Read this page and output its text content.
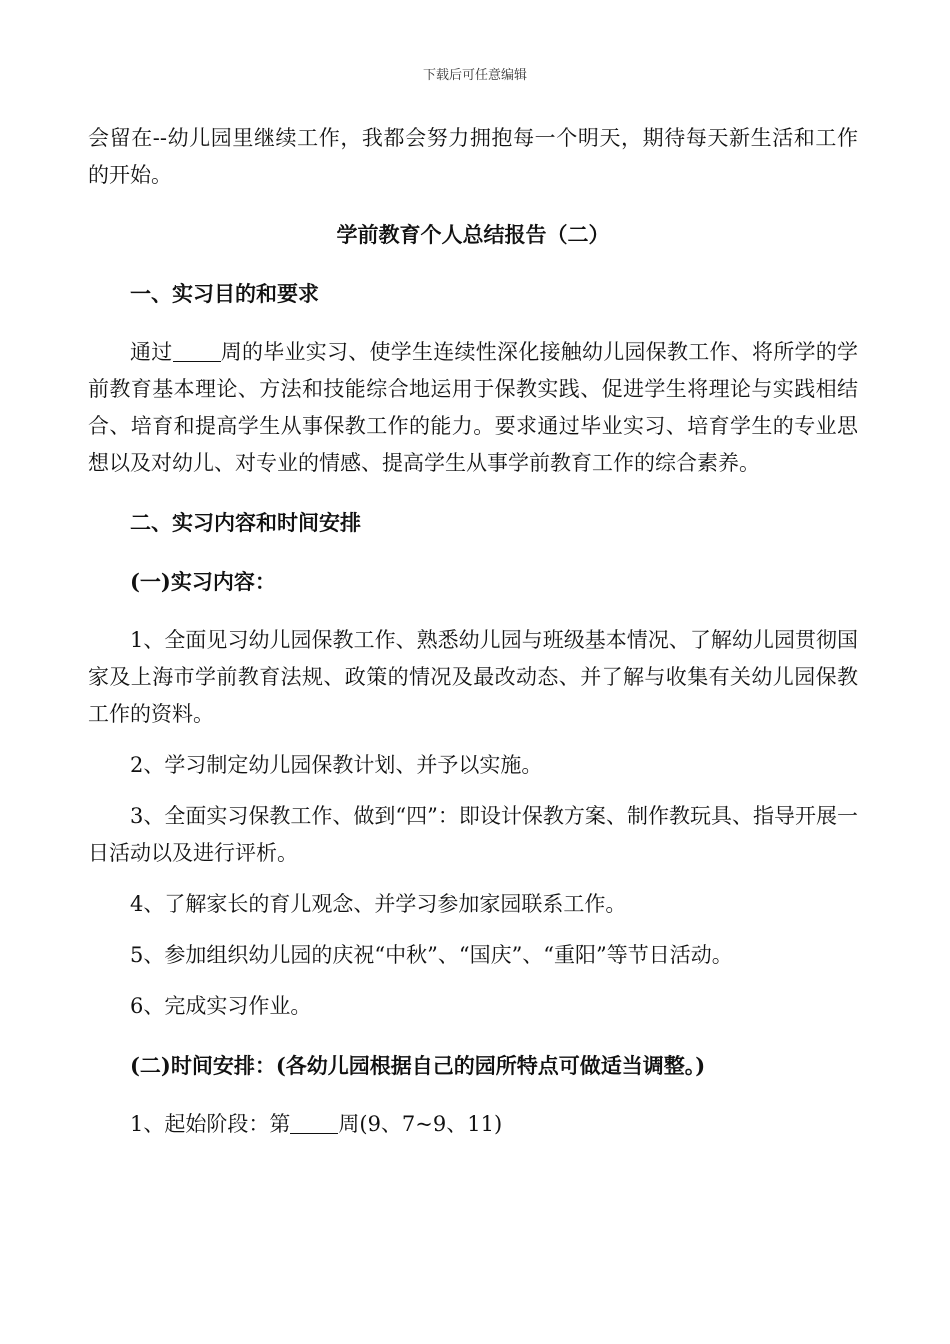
下载后可任意编辑

会留在--幼儿园里继续工作，我都会努力拥抱每一个明天，期待每天新生活和工作的开始。

学前教育个人总结报告（二）

一、实习目的和要求

通过 周的毕业实习、使学生连续性深化接触幼儿园保教工作、将所学的学前教育基本理论、方法和技能综合地运用于保教实践、促进学生将理论与实践相结合、培育和提高学生从事保教工作的能力。要求通过毕业实习、培育学生的专业思想以及对幼儿、对专业的情感、提高学生从事学前教育工作的综合素养。

二、实习内容和时间安排

(一)实习内容：

1、全面见习幼儿园保教工作、熟悉幼儿园与班级基本情况、了解幼儿园贯彻国家及上海市学前教育法规、政策的情况及最改动态、并了解与收集有关幼儿园保教工作的资料。

2、学习制定幼儿园保教计划、并予以实施。

3、全面实习保教工作、做到“四”：即设计保教方案、制作教玩具、指导开展一日活动以及进行评析。

4、了解家长的育儿观念、并学习参加家园联系工作。

5、参加组织幼儿园的庆祝“中秋”、“国庆”、“重阳”等节日活动。

6、完成实习作业。

(二)时间安排：(各幼儿园根据自己的园所特点可做适当调整。)

1、起始阶段：第 周(9、7~9、11)
